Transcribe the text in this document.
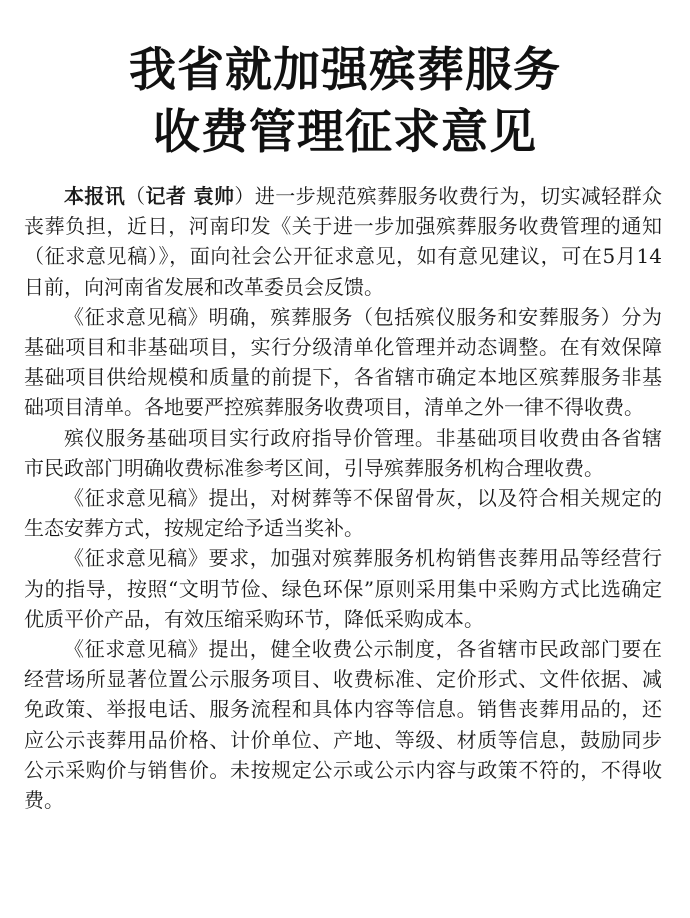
我省就加强殡葬服务
收费管理征求意见

本报讯（记者 袁帅）进一步规范殡葬服务收费行为，切实减轻群众丧葬负担，近日，河南印发《关于进一步加强殡葬服务收费管理的通知（征求意见稿）》，面向社会公开征求意见，如有意见建议，可在5月14日前，向河南省发展和改革委员会反馈。

《征求意见稿》明确，殡葬服务（包括殡仪服务和安葬服务）分为基础项目和非基础项目，实行分级清单化管理并动态调整。在有效保障基础项目供给规模和质量的前提下，各省辖市确定本地区殡葬服务非基础项目清单。各地要严控殡葬服务收费项目，清单之外一律不得收费。

殡仪服务基础项目实行政府指导价管理。非基础项目收费由各省辖市民政部门明确收费标准参考区间，引导殡葬服务机构合理收费。

《征求意见稿》提出，对树葬等不保留骨灰，以及符合相关规定的生态安葬方式，按规定给予适当奖补。

《征求意见稿》要求，加强对殡葬服务机构销售丧葬用品等经营行为的指导，按照“文明节俭、绿色环保”原则采用集中采购方式比选确定优质平价产品，有效压缩采购环节，降低采购成本。

《征求意见稿》提出，健全收费公示制度，各省辖市民政部门要在经营场所显著位置公示服务项目、收费标准、定价形式、文件依据、减免政策、举报电话、服务流程和具体内容等信息。销售丧葬用品的，还应公示丧葬用品价格、计价单位、产地、等级、材质等信息，鼓励同步公示采购价与销售价。未按规定公示或公示内容与政策不符的，不得收费。
